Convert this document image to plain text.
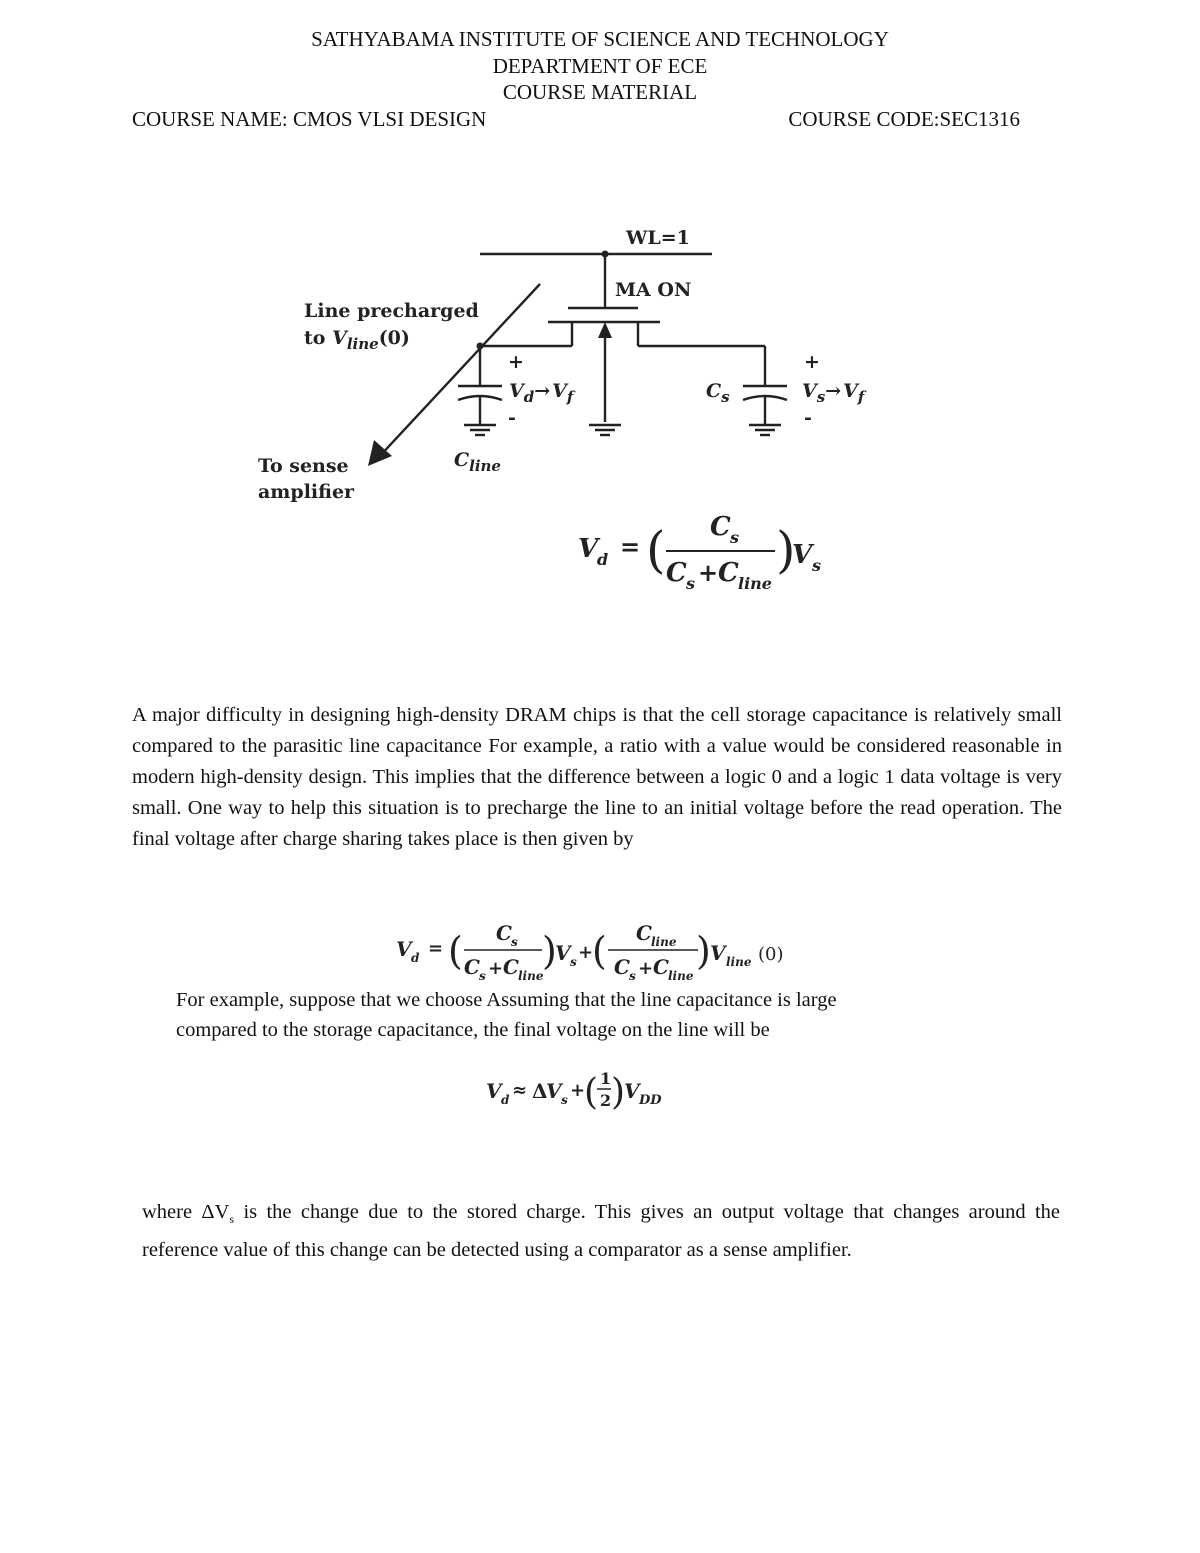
SATHYABAMA INSTITUTE OF SCIENCE AND TECHNOLOGY
DEPARTMENT OF ECE
COURSE MATERIAL
COURSE NAME: CMOS VLSI DESIGN	COURSE CODE:SEC1316
WL=1
MA ON
Line precharged
to $V_{line}(0)$
To sense
amplifier
$C_{line}$
+
-
$V_d\to V_f$	$C_s$
+
-
$V_s\to V_f$
V
d = ( C s
C s + C line
)
V s
A major difficulty in designing high-density DRAM chips is that the cell storage capacitance is relatively small compared to the parasitic line capacitance For example, a ratio with a value would be considered reasonable in modern high-density design. This implies that the difference between a logic 0 and a logic 1 data voltage is very small. One way to help this situation is to precharge the line to an initial voltage before the read operation. The final voltage after charge sharing takes place is then given by
V d = ( C s
C s + C line
)
V s +
( C line
C s + C line
) V line (0)
For example, suppose that we choose Assuming that the line capacitance is large
compared to the storage capacitance, the final voltage on the line will be
V d ≈ Δ
V s +
( 1
2 )
V DD
where $\Delta V_s$ is the change due to the stored charge. This gives an output voltage that changes around the reference value of this change can be detected using a comparator as a sense amplifier.
